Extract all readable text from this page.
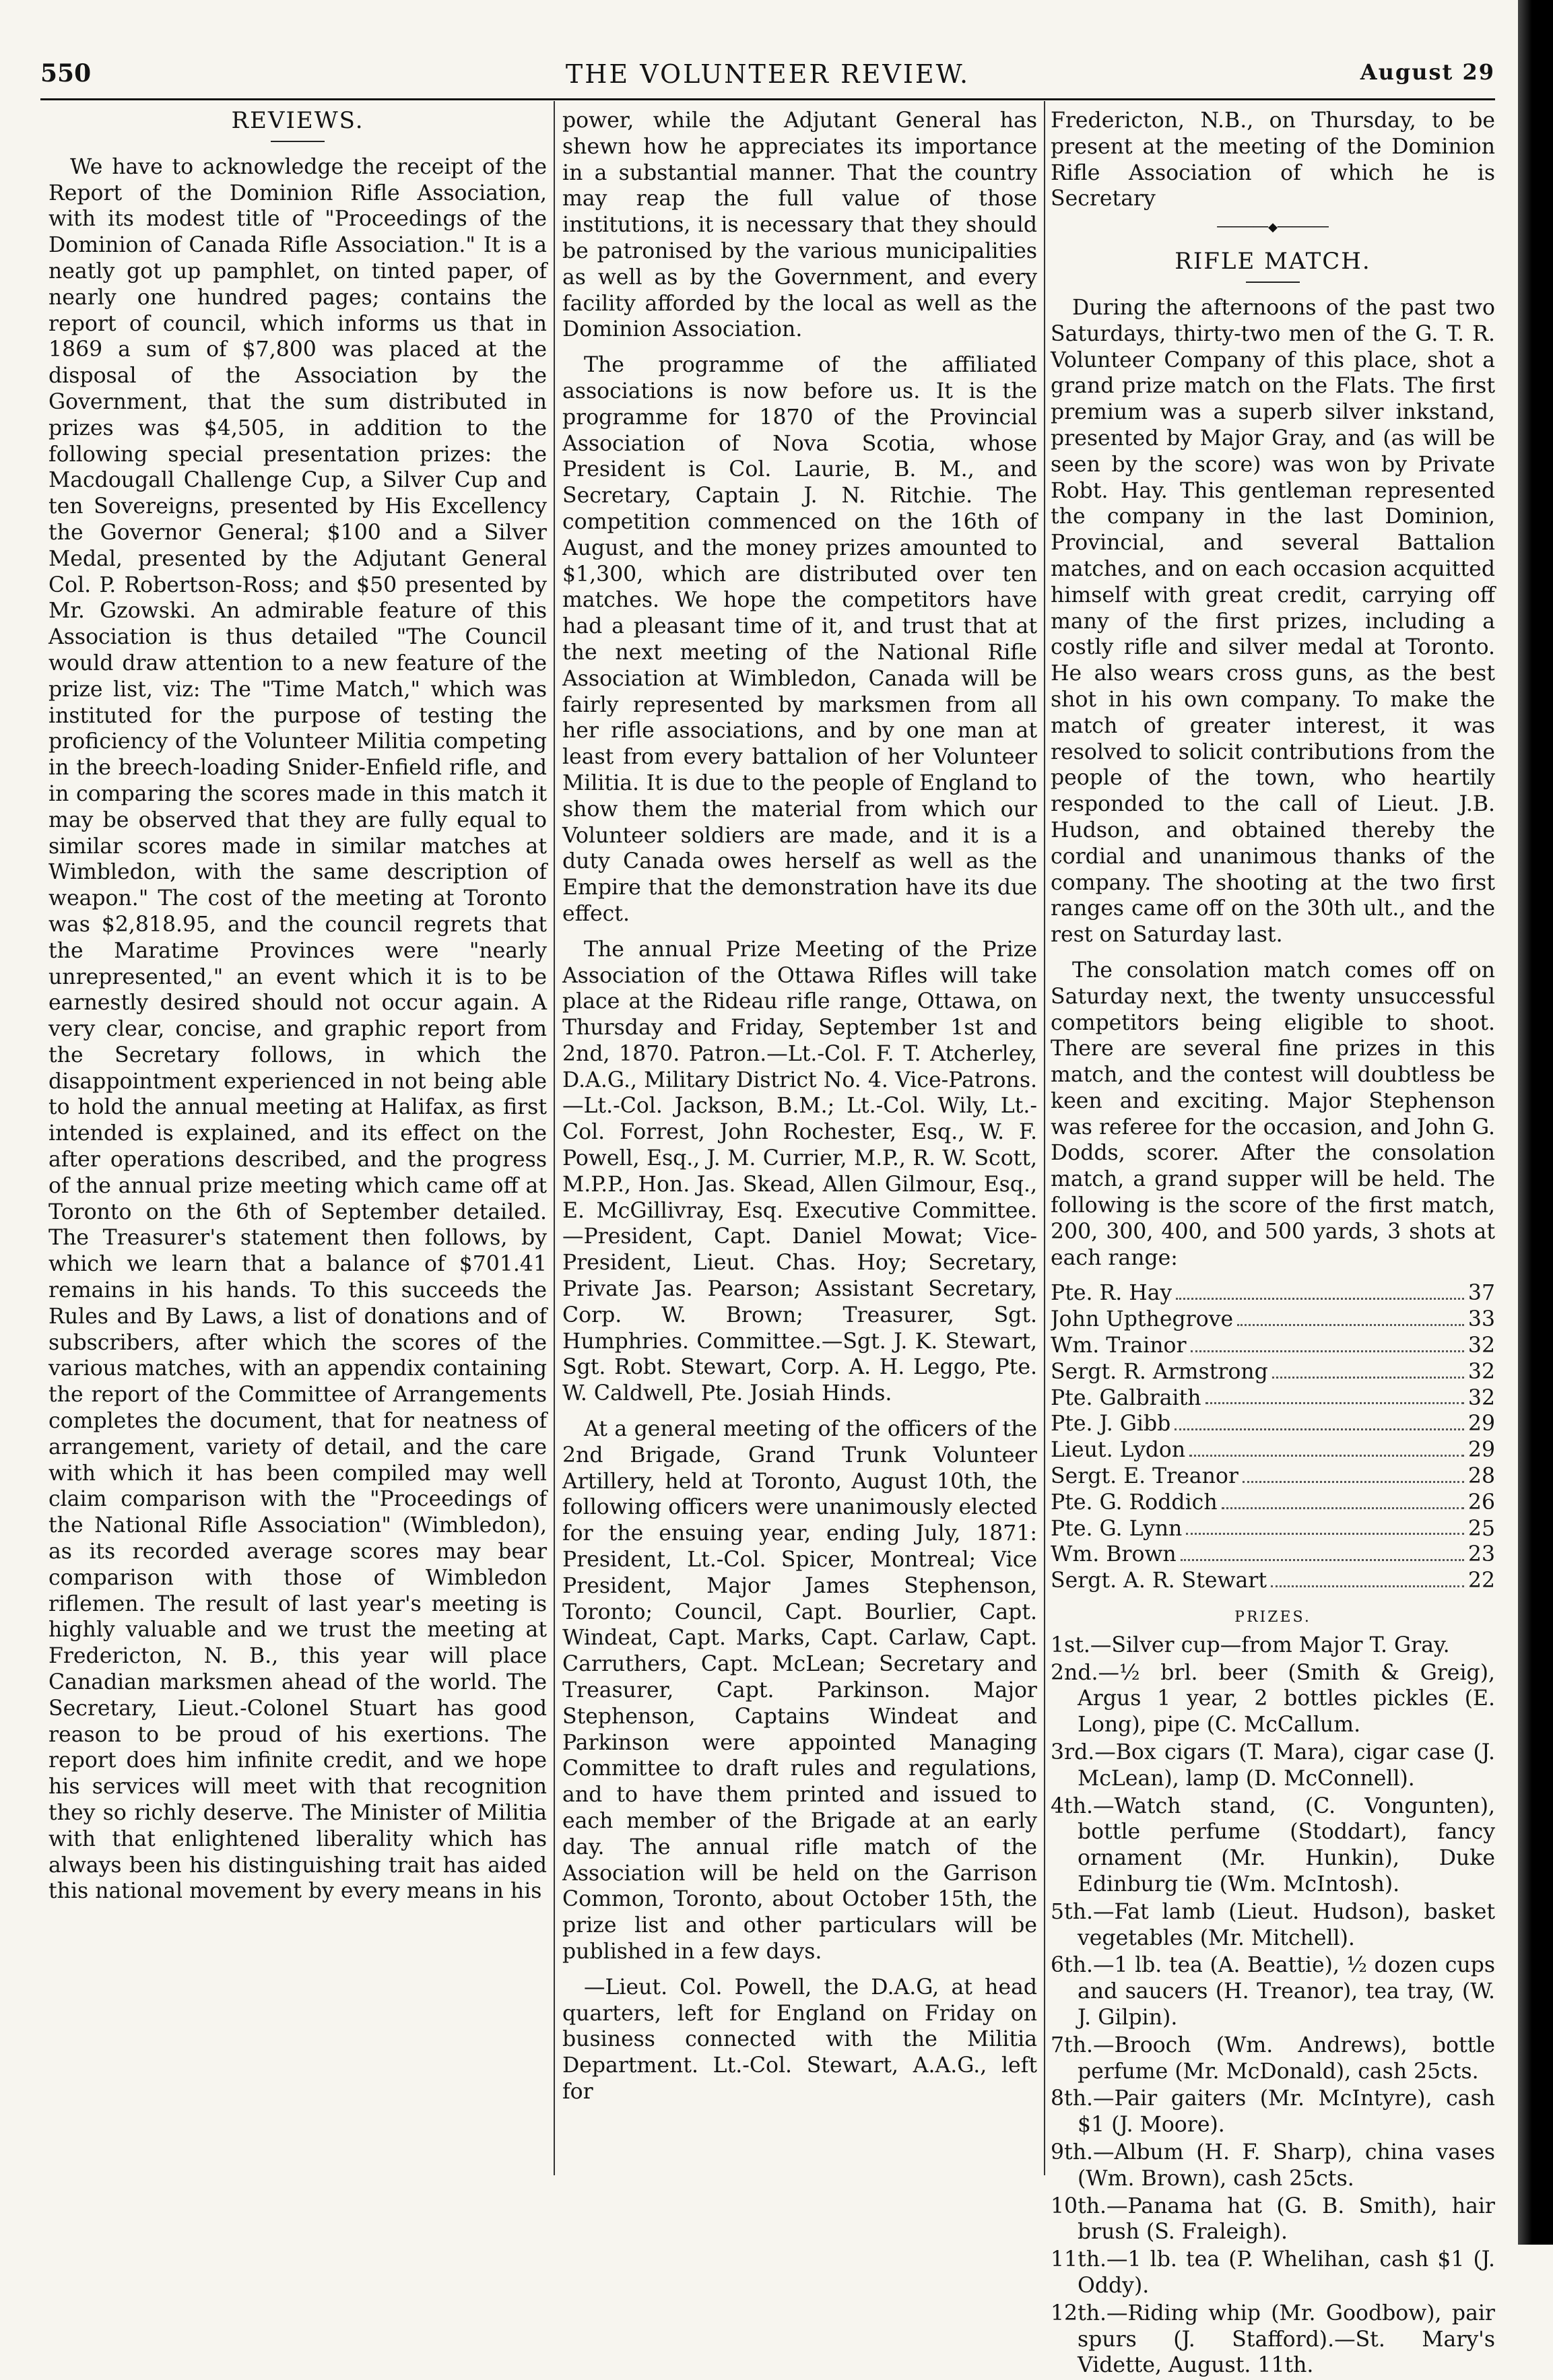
550	THE VOLUNTEER REVIEW.	August 29
REVIEWS.

We have to acknowledge the receipt of the Report of the Dominion Rifle Association, with its modest title of "Proceedings of the Dominion of Canada Rifle Association." It is a neatly got up pamphlet, on tinted paper, of nearly one hundred pages; contains the report of council, which informs us that in 1869 a sum of $7,800 was placed at the disposal of the Association by the Government, that the sum distributed in prizes was $4,505, in addition to the following special presentation prizes: the Macdougall Challenge Cup, a Silver Cup and ten Sovereigns, presented by His Excellency the Governor General; $100 and a Silver Medal, presented by the Adjutant General Col. P. Robertson-Ross; and $50 presented by Mr. Gzowski. An admirable feature of this Association is thus detailed "The Council would draw attention to a new feature of the prize list, viz: The "Time Match," which was instituted for the purpose of testing the proficiency of the Volunteer Militia competing in the breech-loading Snider-Enfield rifle, and in comparing the scores made in this match it may be observed that they are fully equal to similar scores made in similar matches at Wimbledon, with the same description of weapon." The cost of the meeting at Toronto was $2,818.95, and the council regrets that the Maratime Provinces were "nearly unrepresented," an event which it is to be earnestly desired should not occur again. A very clear, concise, and graphic report from the Secretary follows, in which the disappointment experienced in not being able to hold the annual meeting at Halifax, as first intended is explained, and its effect on the after operations described, and the progress of the annual prize meeting which came off at Toronto on the 6th of September detailed. The Treasurer's statement then follows, by which we learn that a balance of $701.41 remains in his hands. To this succeeds the Rules and By Laws, a list of donations and of subscribers, after which the scores of the various matches, with an appendix containing the report of the Committee of Arrangements completes the document, that for neatness of arrangement, variety of detail, and the care with which it has been compiled may well claim comparison with the "Proceedings of the National Rifle Association" (Wimbledon), as its recorded average scores may bear comparison with those of Wimbledon riflemen. The result of last year's meeting is highly valuable and we trust the meeting at Fredericton, N. B., this year will place Canadian marksmen ahead of the world. The Secretary, Lieut.-Colonel Stuart has good reason to be proud of his exertions. The report does him infinite credit, and we hope his services will meet with that recognition they so richly deserve. The Minister of Militia with that enlightened liberality which has always been his distinguishing trait has aided this national movement by every means in his

power, while the Adjutant General has shewn how he appreciates its importance in a substantial manner. That the country may reap the full value of those institutions, it is necessary that they should be patronised by the various municipalities as well as by the Government, and every facility afforded by the local as well as the Dominion Association.

The programme of the affiliated associations is now before us. It is the programme for 1870 of the Provincial Association of Nova Scotia, whose President is Col. Laurie, B. M., and Secretary, Captain J. N. Ritchie. The competition commenced on the 16th of August, and the money prizes amounted to $1,300, which are distributed over ten matches. We hope the competitors have had a pleasant time of it, and trust that at the next meeting of the National Rifle Association at Wimbledon, Canada will be fairly represented by marksmen from all her rifle associations, and by one man at least from every battalion of her Volunteer Militia. It is due to the people of England to show them the material from which our Volunteer soldiers are made, and it is a duty Canada owes herself as well as the Empire that the demonstration have its due effect.

The annual Prize Meeting of the Prize Association of the Ottawa Rifles will take place at the Rideau rifle range, Ottawa, on Thursday and Friday, September 1st and 2nd, 1870. Patron.—Lt.-Col. F. T. Atcherley, D.A.G., Military District No. 4. Vice-Patrons.—Lt.-Col. Jackson, B.M.; Lt.-Col. Wily, Lt.-Col. Forrest, John Rochester, Esq., W. F. Powell, Esq., J. M. Currier, M.P., R. W. Scott, M.P.P., Hon. Jas. Skead, Allen Gilmour, Esq., E. McGillivray, Esq. Executive Committee.—President, Capt. Daniel Mowat; Vice-President, Lieut. Chas. Hoy; Secretary, Private Jas. Pearson; Assistant Secretary, Corp. W. Brown; Treasurer, Sgt. Humphries. Committee.—Sgt. J. K. Stewart, Sgt. Robt. Stewart, Corp. A. H. Leggo, Pte. W. Caldwell, Pte. Josiah Hinds.

At a general meeting of the officers of the 2nd Brigade, Grand Trunk Volunteer Artillery, held at Toronto, August 10th, the following officers were unanimously elected for the ensuing year, ending July, 1871: President, Lt.-Col. Spicer, Montreal; Vice President, Major James Stephenson, Toronto; Council, Capt. Bourlier, Capt. Windeat, Capt. Marks, Capt. Carlaw, Capt. Carruthers, Capt. McLean; Secretary and Treasurer, Capt. Parkinson. Major Stephenson, Captains Windeat and Parkinson were appointed Managing Committee to draft rules and regulations, and to have them printed and issued to each member of the Brigade at an early day. The annual rifle match of the Association will be held on the Garrison Common, Toronto, about October 15th, the prize list and other particulars will be published in a few days.

—Lieut. Col. Powell, the D.A.G, at head quarters, left for England on Friday on business connected with the Militia Department. Lt.-Col. Stewart, A.A.G., left for

Fredericton, N.B., on Thursday, to be present at the meeting of the Dominion Rifle Association of which he is Secretary

───────◆───────
RIFLE MATCH.

During the afternoons of the past two Saturdays, thirty-two men of the G. T. R. Volunteer Company of this place, shot a grand prize match on the Flats. The first premium was a superb silver inkstand, presented by Major Gray, and (as will be seen by the score) was won by Private Robt. Hay. This gentleman represented the company in the last Dominion, Provincial, and several Battalion matches, and on each occasion acquitted himself with great credit, carrying off many of the first prizes, including a costly rifle and silver medal at Toronto. He also wears cross guns, as the best shot in his own company. To make the match of greater interest, it was resolved to solicit contributions from the people of the town, who heartily responded to the call of Lieut. J.B. Hudson, and obtained thereby the cordial and unanimous thanks of the company. The shooting at the two first ranges came off on the 30th ult., and the rest on Saturday last.

The consolation match comes off on Saturday next, the twenty unsuccessful competitors being eligible to shoot. There are several fine prizes in this match, and the contest will doubtless be keen and exciting. Major Stephenson was referee for the occasion, and John G. Dodds, scorer. After the consolation match, a grand supper will be held. The following is the score of the first match, 200, 300, 400, and 500 yards, 3 shots at each range:

Pte. R. Hay	37
John Upthegrove	33
Wm. Trainor	32
Sergt. R. Armstrong	32
Pte. Galbraith	32
Pte. J. Gibb	29
Lieut. Lydon	29
Sergt. E. Treanor	28
Pte. G. Roddich	26
Pte. G. Lynn	25
Wm. Brown	23
Sergt. A. R. Stewart	22
PRIZES.

1st.—Silver cup—from Major T. Gray.

2nd.—½ brl. beer (Smith & Greig), Argus 1 year, 2 bottles pickles (E. Long), pipe (C. McCallum.

3rd.—Box cigars (T. Mara), cigar case (J. McLean), lamp (D. McConnell).

4th.—Watch stand, (C. Vongunten), bottle perfume (Stoddart), fancy ornament (Mr. Hunkin), Duke Edinburg tie (Wm. McIntosh).

5th.—Fat lamb (Lieut. Hudson), basket vegetables (Mr. Mitchell).

6th.—1 lb. tea (A. Beattie), ½ dozen cups and saucers (H. Treanor), tea tray, (W. J. Gilpin).

7th.—Brooch (Wm. Andrews), bottle perfume (Mr. McDonald), cash 25cts.

8th.—Pair gaiters (Mr. McIntyre), cash $1 (J. Moore).

9th.—Album (H. F. Sharp), china vases (Wm. Brown), cash 25cts.

10th.—Panama hat (G. B. Smith), hair brush (S. Fraleigh).

11th.—1 lb. tea (P. Whelihan, cash $1 (J. Oddy).

12th.—Riding whip (Mr. Goodbow), pair spurs (J. Stafford).—St. Mary's Vidette, August. 11th.
